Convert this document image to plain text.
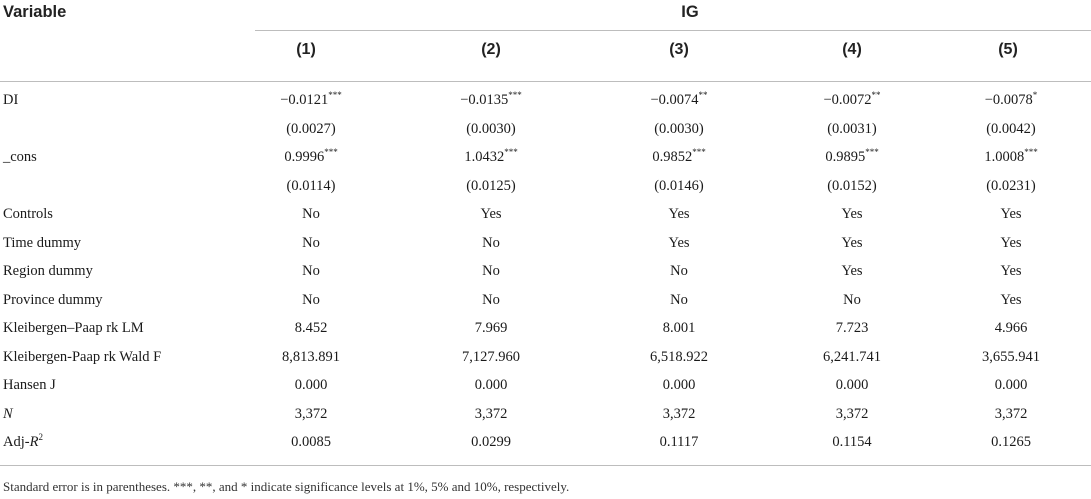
Variable	IG
(1)	(2)	(3)	(4)	(5)
DI	−0.0121***	−0.0135***	−0.0074**	−0.0072**	−0.0078*
(0.0027)	(0.0030)	(0.0030)	(0.0031)	(0.0042)
_cons	0.9996***	1.0432***	0.9852***	0.9895***	1.0008***
(0.0114)	(0.0125)	(0.0146)	(0.0152)	(0.0231)
Controls	No	Yes	Yes	Yes	Yes
Time dummy	No	No	Yes	Yes	Yes
Region dummy	No	No	No	Yes	Yes
Province dummy	No	No	No	No	Yes
Kleibergen–Paap rk LM	8.452	7.969	8.001	7.723	4.966
Kleibergen-Paap rk Wald F	8,813.891	7,127.960	6,518.922	6,241.741	3,655.941
Hansen J	0.000	0.000	0.000	0.000	0.000
N	3,372	3,372	3,372	3,372	3,372
Adj-$R^2$	0.0085	0.0299	0.1117	0.1154	0.1265
Standard error is in parentheses. ***, **, and * indicate significance levels at 1%, 5% and 10%, respectively.
